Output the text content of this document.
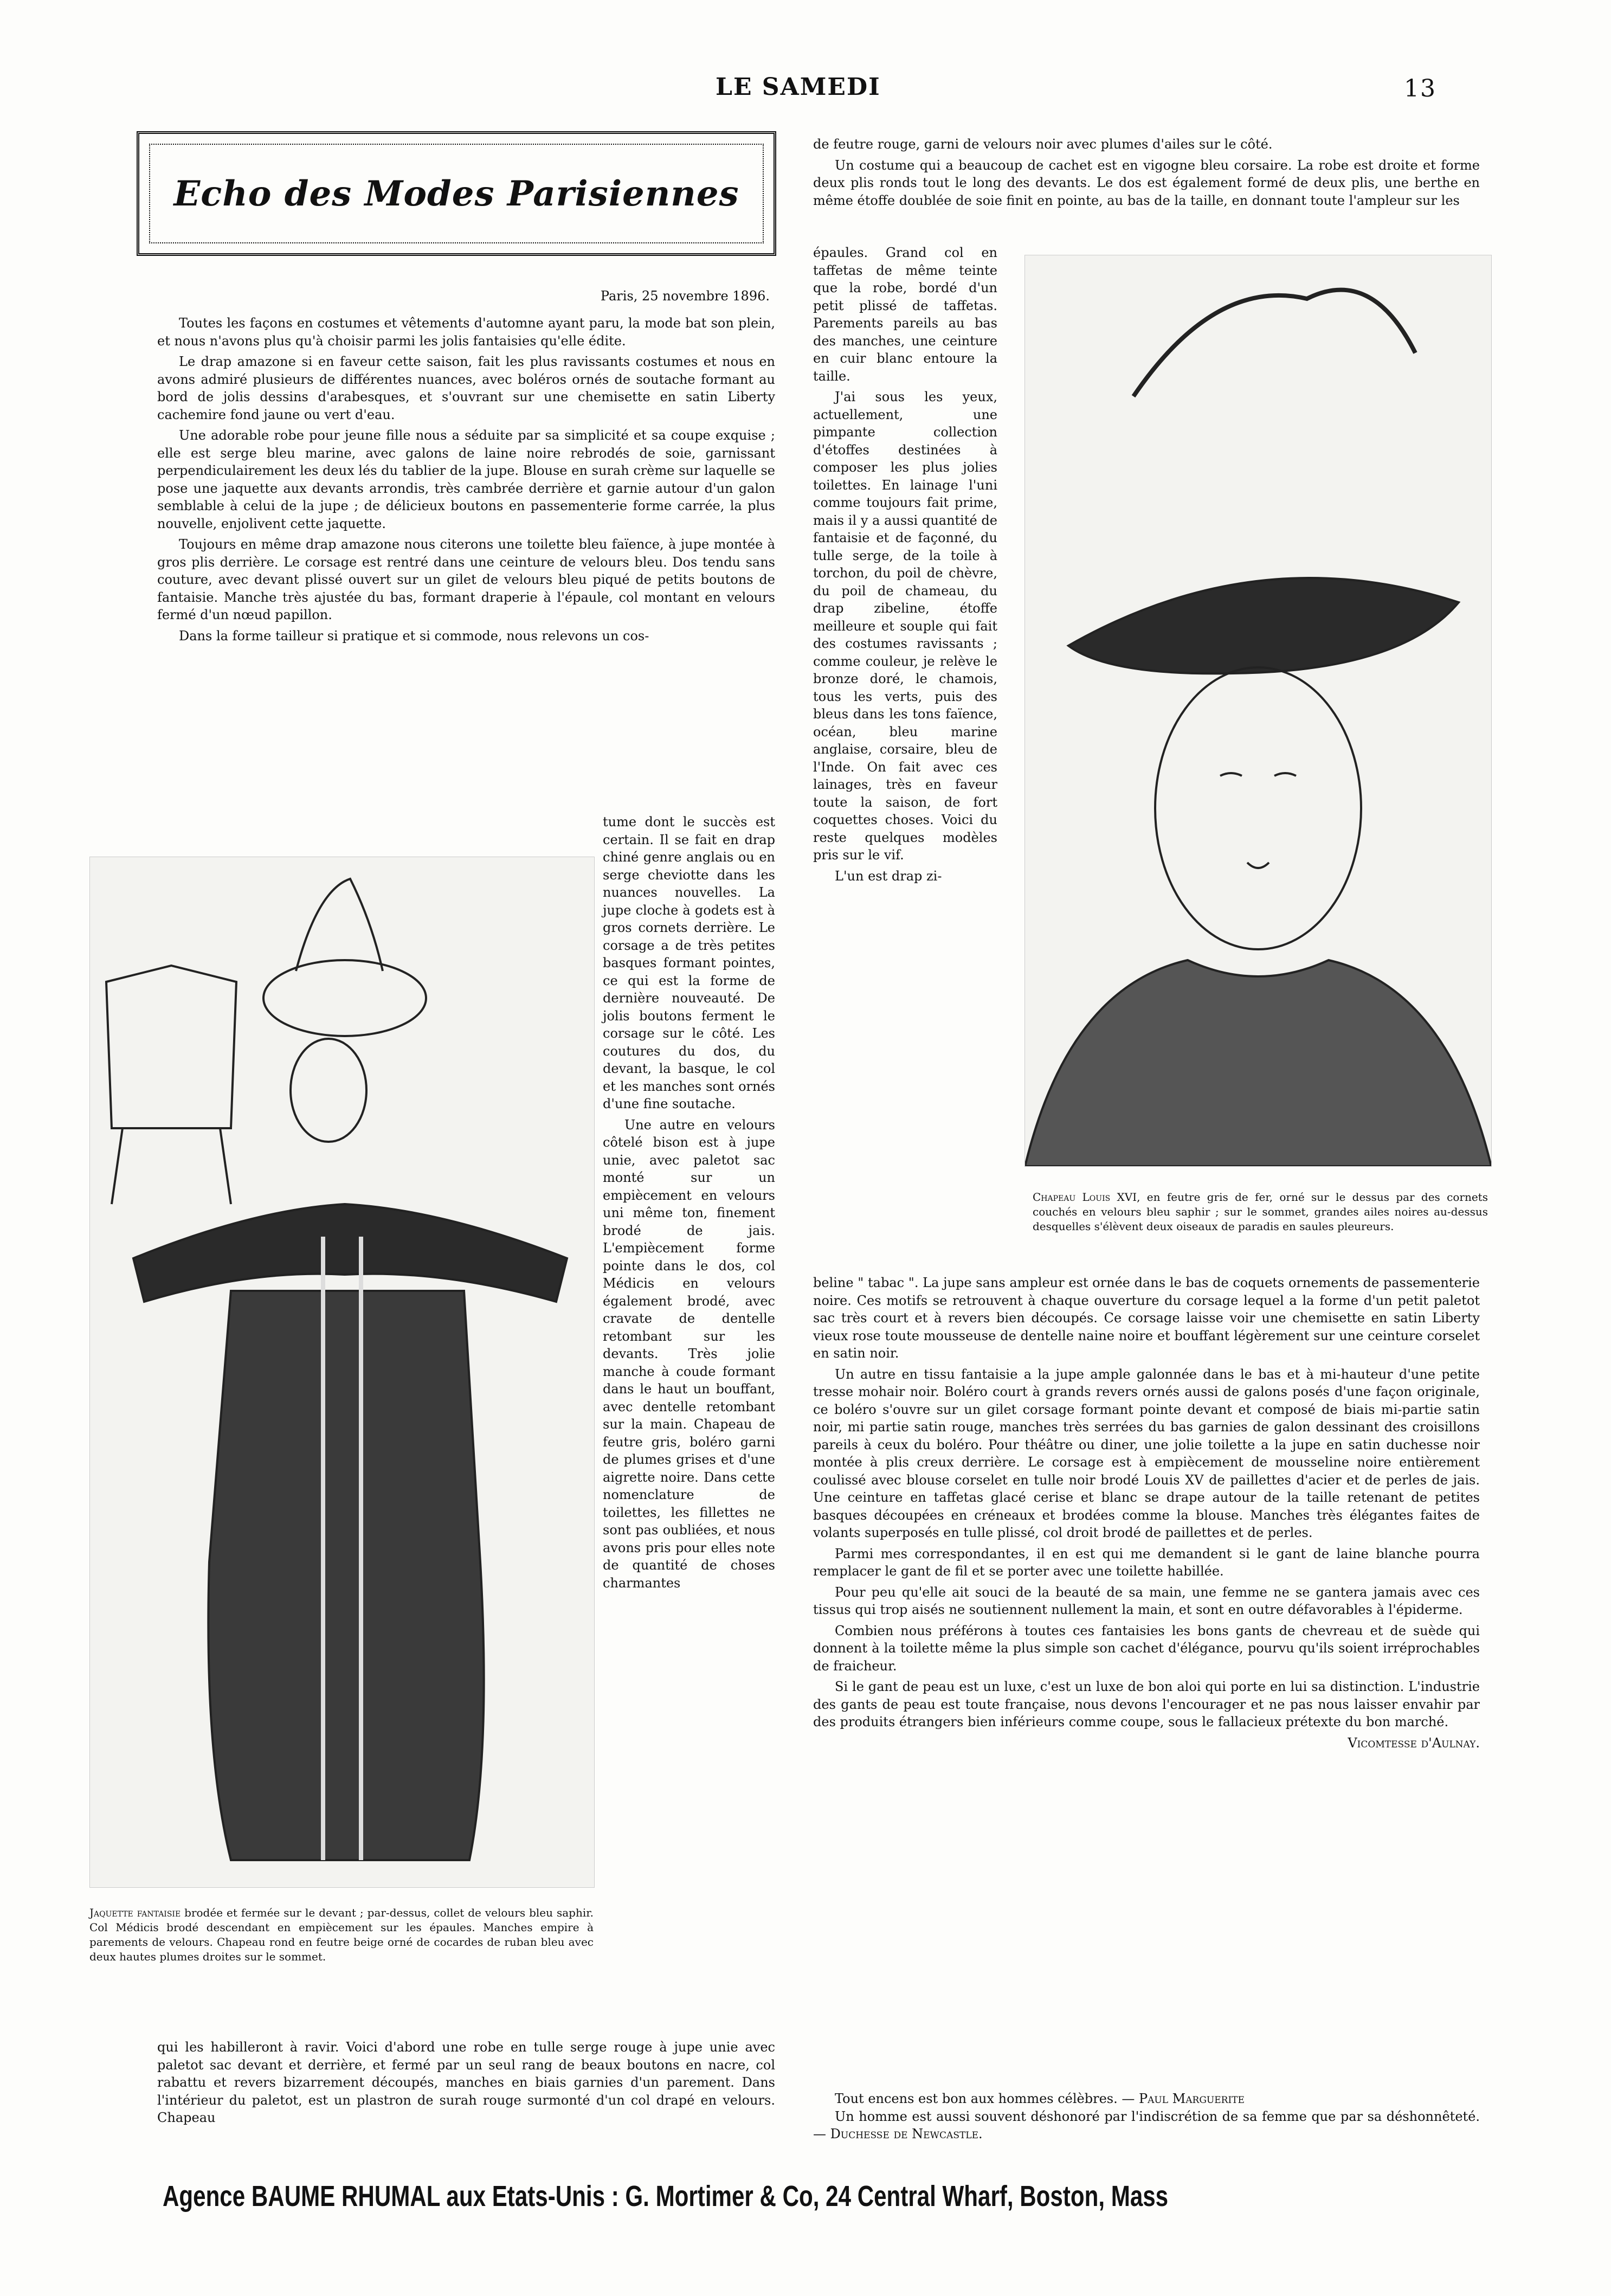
LE SAMEDI	13
Echo des Modes Parisiennes
Paris, 25 novembre 1896.

Toutes les façons en costumes et vêtements d'automne ayant paru, la mode bat son plein, et nous n'avons plus qu'à choisir parmi les jolis fantaisies qu'elle édite.

Le drap amazone si en faveur cette saison, fait les plus ravissants costumes et nous en avons admiré plusieurs de différentes nuances, avec boléros ornés de soutache formant au bord de jolis dessins d'arabesques, et s'ouvrant sur une chemisette en satin Liberty cachemire fond jaune ou vert d'eau.

Une adorable robe pour jeune fille nous a séduite par sa simplicité et sa coupe exquise ; elle est serge bleu marine, avec galons de laine noire rebrodés de soie, garnissant perpendiculairement les deux lés du tablier de la jupe. Blouse en surah crème sur laquelle se pose une jaquette aux devants arrondis, très cambrée derrière et garnie autour d'un galon semblable à celui de la jupe ; de délicieux boutons en passementerie forme carrée, la plus nouvelle, enjolivent cette jaquette.

Toujours en même drap amazone nous citerons une toilette bleu faïence, à jupe montée à gros plis derrière. Le corsage est rentré dans une ceinture de velours bleu. Dos tendu sans couture, avec devant plissé ouvert sur un gilet de velours bleu piqué de petits boutons de fantaisie. Manche très ajustée du bas, formant draperie à l'épaule, col montant en velours fermé d'un nœud papillon.

Dans la forme tailleur si pratique et si commode, nous relevons un cos-

Jaquette fantaisie brodée et fermée sur le devant ; par-dessus, collet de velours bleu saphir. Col Médicis brodé descendant en empiècement sur les épaules. Manches empire à parements de velours. Chapeau rond en feutre beige orné de cocardes de ruban bleu avec deux hautes plumes droites sur le sommet.

tume dont le succès est certain. Il se fait en drap chiné genre anglais ou en serge cheviotte dans les nuances nouvelles. La jupe cloche à godets est à gros cornets derrière. Le corsage a de très petites basques formant pointes, ce qui est la forme de dernière nouveauté. De jolis boutons ferment le corsage sur le côté. Les coutures du dos, du devant, la basque, le col et les manches sont ornés d'une fine soutache.

Une autre en velours côtelé bison est à jupe unie, avec paletot sac monté sur un empiècement en velours uni même ton, finement brodé de jais. L'empiècement forme pointe dans le dos, col Médicis en velours également brodé, avec cravate de dentelle retombant sur les devants. Très jolie manche à coude formant dans le haut un bouffant, avec dentelle retombant sur la main. Chapeau de feutre gris, boléro garni de plumes grises et d'une aigrette noire. Dans cette nomenclature de toilettes, les fillettes ne sont pas oubliées, et nous avons pris pour elles note de quantité de choses charmantes

qui les habilleront à ravir. Voici d'abord une robe en tulle serge rouge à jupe unie avec paletot sac devant et derrière, et fermé par un seul rang de beaux boutons en nacre, col rabattu et revers bizarrement découpés, manches en biais garnies d'un parement. Dans l'intérieur du paletot, est un plastron de surah rouge surmonté d'un col drapé en velours. Chapeau

de feutre rouge, garni de velours noir avec plumes d'ailes sur le côté.

Un costume qui a beaucoup de cachet est en vigogne bleu corsaire. La robe est droite et forme deux plis ronds tout le long des devants. Le dos est également formé de deux plis, une berthe en même étoffe doublée de soie finit en pointe, au bas de la taille, en donnant toute l'ampleur sur les

épaules. Grand col en taffetas de même teinte que la robe, bordé d'un petit plissé de taffetas. Parements pareils au bas des manches, une ceinture en cuir blanc entoure la taille.

J'ai sous les yeux, actuellement, une pimpante collection d'étoffes destinées à composer les plus jolies toilettes. En lainage l'uni comme toujours fait prime, mais il y a aussi quantité de fantaisie et de façonné, du tulle serge, de la toile à torchon, du poil de chèvre, du poil de chameau, du drap zibeline, étoffe meilleure et souple qui fait des costumes ravissants ; comme couleur, je relève le bronze doré, le chamois, tous les verts, puis des bleus dans les tons faïence, océan, bleu marine anglaise, corsaire, bleu de l'Inde. On fait avec ces lainages, très en faveur toute la saison, de fort coquettes choses. Voici du reste quelques modèles pris sur le vif.

L'un est drap zi-

Chapeau Louis XVI, en feutre gris de fer, orné sur le dessus par des cornets couchés en velours bleu saphir ; sur le sommet, grandes ailes noires au-dessus desquelles s'élèvent deux oiseaux de paradis en saules pleureurs.

beline " tabac ". La jupe sans ampleur est ornée dans le bas de coquets ornements de passementerie noire. Ces motifs se retrouvent à chaque ouverture du corsage lequel a la forme d'un petit paletot sac très court et à revers bien découpés. Ce corsage laisse voir une chemisette en satin Liberty vieux rose toute mousseuse de dentelle naine noire et bouffant légèrement sur une ceinture corselet en satin noir.

Un autre en tissu fantaisie a la jupe ample galonnée dans le bas et à mi-hauteur d'une petite tresse mohair noir. Boléro court à grands revers ornés aussi de galons posés d'une façon originale, ce boléro s'ouvre sur un gilet corsage formant pointe devant et composé de biais mi-partie satin noir, mi partie satin rouge, manches très serrées du bas garnies de galon dessinant des croisillons pareils à ceux du boléro. Pour théâtre ou diner, une jolie toilette a la jupe en satin duchesse noir montée à plis creux derrière. Le corsage est à empiècement de mousseline noire entièrement coulissé avec blouse corselet en tulle noir brodé Louis XV de paillettes d'acier et de perles de jais. Une ceinture en taffetas glacé cerise et blanc se drape autour de la taille retenant de petites basques découpées en créneaux et brodées comme la blouse. Manches très élégantes faites de volants superposés en tulle plissé, col droit brodé de paillettes et de perles.

Parmi mes correspondantes, il en est qui me demandent si le gant de laine blanche pourra remplacer le gant de fil et se porter avec une toilette habillée.

Pour peu qu'elle ait souci de la beauté de sa main, une femme ne se gantera jamais avec ces tissus qui trop aisés ne soutiennent nullement la main, et sont en outre défavorables à l'épiderme.

Combien nous préférons à toutes ces fantaisies les bons gants de chevreau et de suède qui donnent à la toilette même la plus simple son cachet d'élégance, pourvu qu'ils soient irréprochables de fraicheur.

Si le gant de peau est un luxe, c'est un luxe de bon aloi qui porte en lui sa distinction. L'industrie des gants de peau est toute française, nous devons l'encourager et ne pas nous laisser envahir par des produits étrangers bien inférieurs comme coupe, sous le fallacieux prétexte du bon marché.

Vicomtesse d'Aulnay.

Tout encens est bon aux hommes célèbres. — Paul Marguerite

Un homme est aussi souvent déshonoré par l'indiscrétion de sa femme que par sa déshonnêteté.— Duchesse de Newcastle.

Agence BAUME RHUMAL aux Etats-Unis : G. Mortimer & Co, 24 Central Wharf, Boston, Mass
